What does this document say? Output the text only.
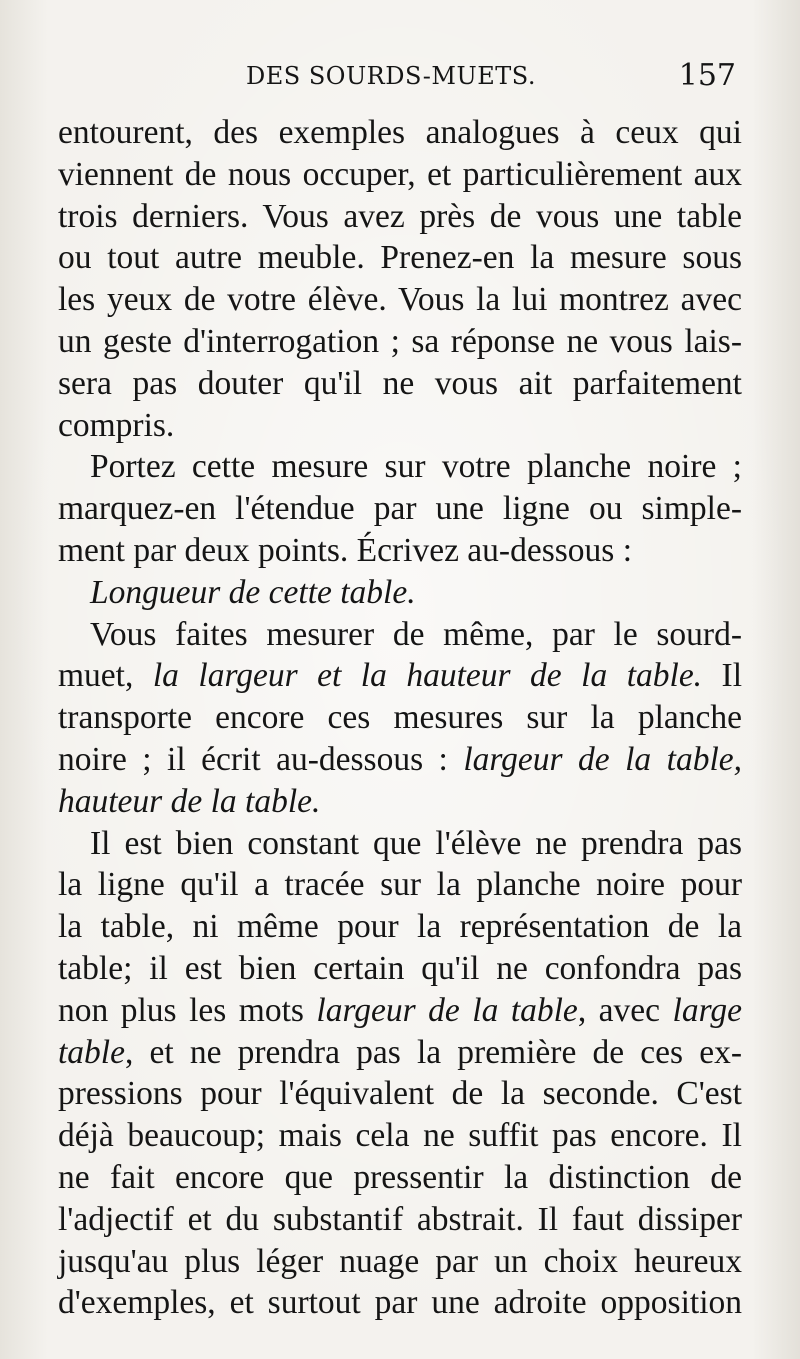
DES SOURDS-MUETS.	157
entourent, des exemples analogues à ceux qui
viennent de nous occuper, et particulièrement aux
trois derniers. Vous avez près de vous une table
ou tout autre meuble. Prenez-en la mesure sous
les yeux de votre élève. Vous la lui montrez avec
un geste d'interrogation ; sa réponse ne vous lais-
sera pas douter qu'il ne vous ait parfaitement
compris.
Portez cette mesure sur votre planche noire ;
marquez-en l'étendue par une ligne ou simple-
ment par deux points. Écrivez au-dessous :
Longueur de cette table.
Vous faites mesurer de même, par le sourd-
muet, la largeur et la hauteur de la table. Il
transporte encore ces mesures sur la planche
noire ; il écrit au-dessous : largeur de la table,
hauteur de la table.
Il est bien constant que l'élève ne prendra pas
la ligne qu'il a tracée sur la planche noire pour
la table, ni même pour la représentation de la
table; il est bien certain qu'il ne confondra pas
non plus les mots largeur de la table, avec large
table, et ne prendra pas la première de ces ex-
pressions pour l'équivalent de la seconde. C'est
déjà beaucoup; mais cela ne suffit pas encore. Il
ne fait encore que pressentir la distinction de
l'adjectif et du substantif abstrait. Il faut dissiper
jusqu'au plus léger nuage par un choix heureux
d'exemples, et surtout par une adroite opposition
